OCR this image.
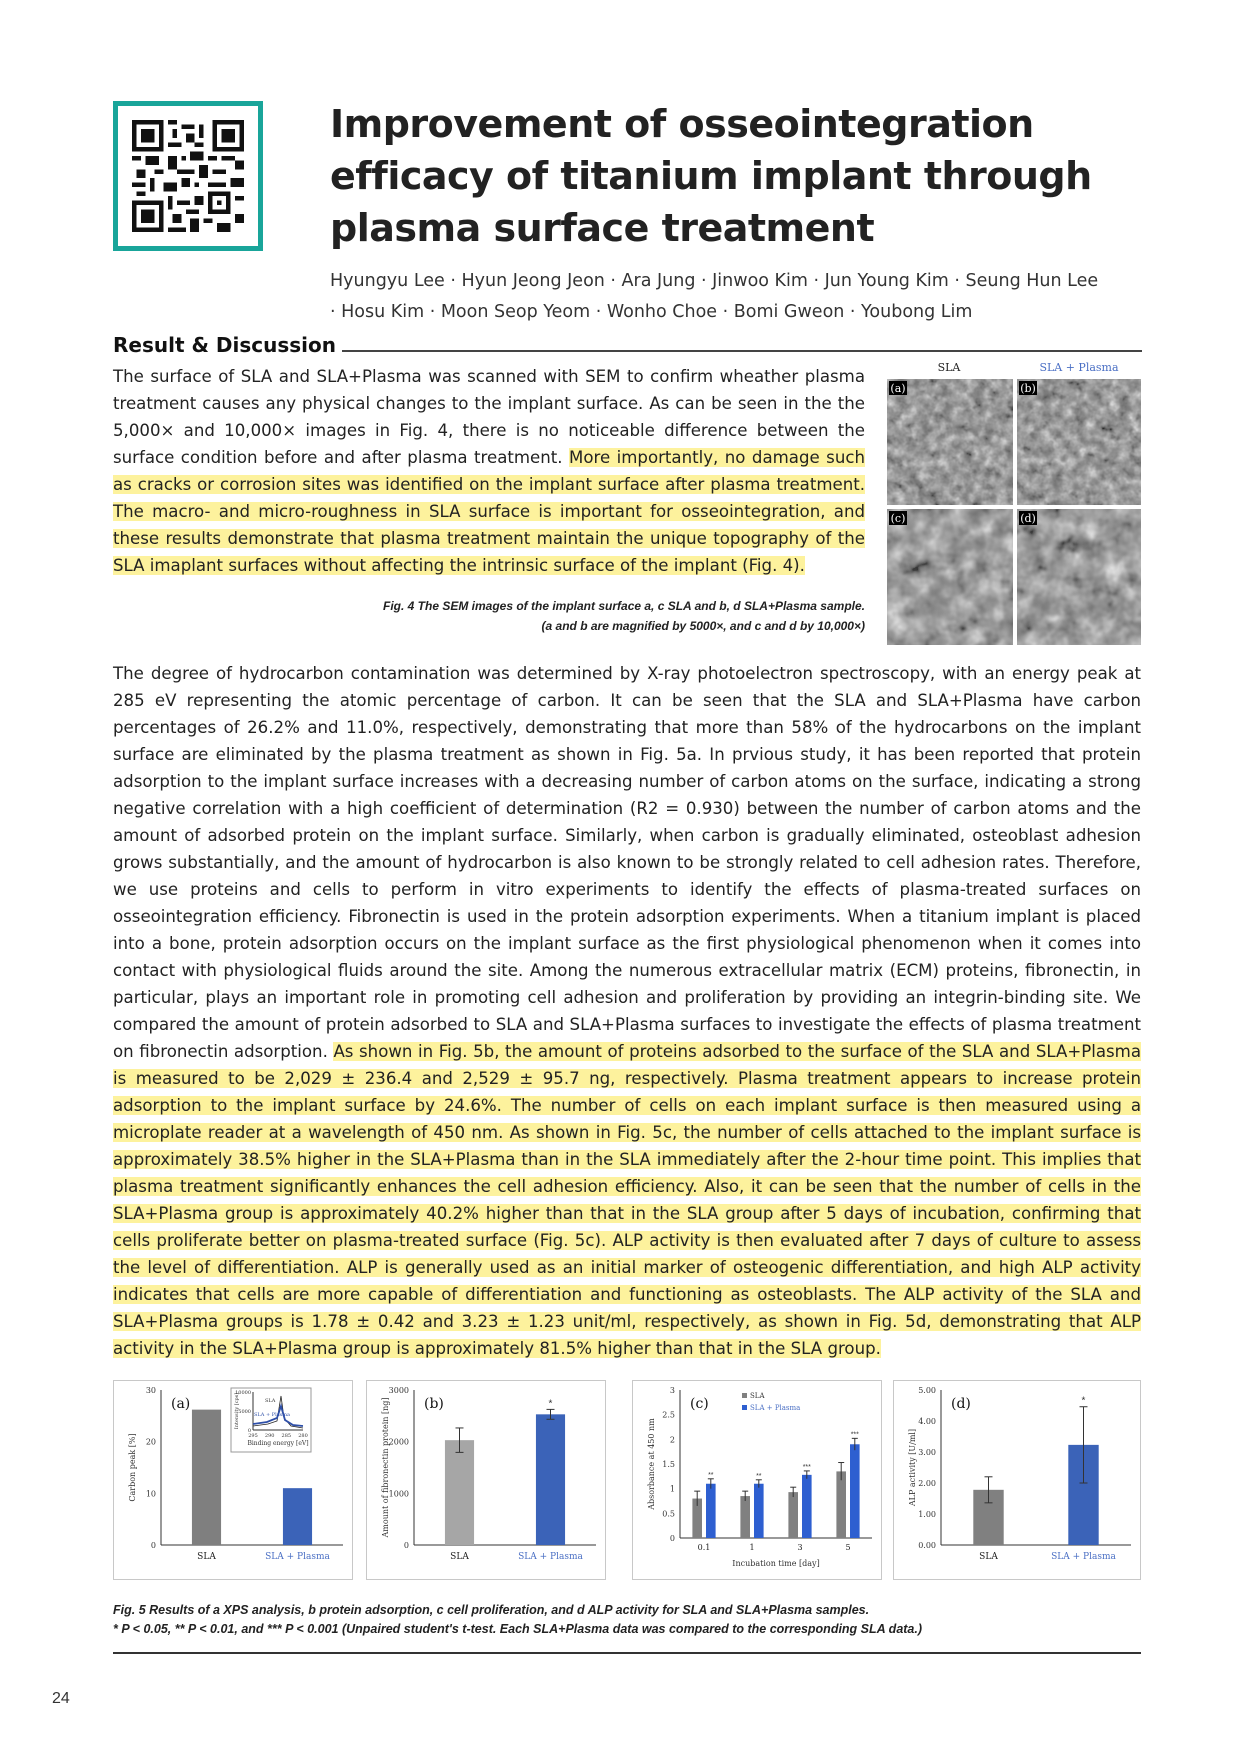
Improvement of osseointegration efficacy of titanium implant through plasma surface treatment
Hyungyu Lee · Hyun Jeong Jeon · Ara Jung · Jinwoo Kim · Jun Young Kim · Seung Hun Lee
· Hosu Kim · Moon Seop Yeom · Wonho Choe · Bomi Gweon · Youbong Lim
Result & Discussion
The surface of SLA and SLA+Plasma was scanned with SEM to confirm wheather plasma treatment causes any physical changes to the implant surface. As can be seen in the the 5,000× and 10,000× images in Fig. 4, there is no noticeable difference between the surface condition before and after plasma treatment. More importantly, no damage such as cracks or corrosion sites was identified on the implant surface after plasma treatment. The macro- and micro-roughness in SLA surface is important for osseointegration, and these results demonstrate that plasma treatment maintain the unique topography of the SLA imaplant surfaces without affecting the intrinsic surface of the implant (Fig. 4).
SLA	SLA + Plasma
(a)	(b)
(c)	(d)
Fig. 4 The SEM images of the implant surface a, c SLA and b, d SLA+Plasma sample.
(a and b are magnified by 5000×, and c and d by 10,000×)
The degree of hydrocarbon contamination was determined by X-ray photoelectron spectroscopy, with an energy peak at 285 eV representing the atomic percentage of carbon. It can be seen that the SLA and SLA+Plasma have carbon percentages of 26.2% and 11.0%, respectively, demonstrating that more than 58% of the hydrocarbons on the implant surface are eliminated by the plasma treatment as shown in Fig. 5a. In prvious study, it has been reported that protein adsorption to the implant surface increases with a decreasing number of carbon atoms on the surface, indicating a strong negative correlation with a high coefficient of determination (R2 = 0.930) between the number of carbon atoms and the amount of adsorbed protein on the implant surface. Similarly, when carbon is gradually eliminated, osteoblast adhesion grows substantially, and the amount of hydrocarbon is also known to be strongly related to cell adhesion rates. Therefore, we use proteins and cells to perform in vitro experiments to identify the effects of plasma-treated surfaces on osseointegration efficiency. Fibronectin is used in the protein adsorption experiments. When a titanium implant is placed into a bone, protein adsorption occurs on the implant surface as the first physiological phenomenon when it comes into contact with physiological fluids around the site. Among the numerous extracellular matrix (ECM) proteins, fibronectin, in particular, plays an important role in promoting cell adhesion and proliferation by providing an integrin-binding site. We compared the amount of protein adsorbed to SLA and SLA+Plasma surfaces to investigate the effects of plasma treatment on fibronectin adsorption. As shown in Fig. 5b, the amount of proteins adsorbed to the surface of the SLA and SLA+Plasma is measured to be 2,029 ± 236.4 and 2,529 ± 95.7 ng, respectively. Plasma treatment appears to increase protein adsorption to the implant surface by 24.6%. The number of cells on each implant surface is then measured using a microplate reader at a wavelength of 450 nm. As shown in Fig. 5c, the number of cells attached to the implant surface is approximately 38.5% higher in the SLA+Plasma than in the SLA immediately after the 2-hour time point. This implies that plasma treatment significantly enhances the cell adhesion efficiency. Also, it can be seen that the number of cells in the SLA+Plasma group is approximately 40.2% higher than that in the SLA group after 5 days of incubation, confirming that cells proliferate better on plasma-treated surface (Fig. 5c). ALP activity is then evaluated after 7 days of culture to assess the level of differentiation. ALP is generally used as an initial marker of osteogenic differentiation, and high ALP activity indicates that cells are more capable of differentiation and functioning as osteoblasts. The ALP activity of the SLA and SLA+Plasma groups is 1.78 ± 0.42 and 3.23 ± 1.23 unit/ml, respectively, as shown in Fig. 5d, demonstrating that ALP activity in the SLA+Plasma group is approximately 81.5% higher than that in the SLA group.
0
10
20
30
(a)
Carbon peak [%]
SLA	SLA + Plasma
0
5000
10000
295 290 285 280
Binding energy [eV]
Intensity [cps]	SLA
SLA + Plasma
0
1000
2000
3000
(b)
Amount of fibronectin protein [ng]
SLA
*
SLA + Plasma
0
0.5
1
1.5
2
2.5
3
(c)
Absorbance at 450 nm	**
0.1
**
1
***
3
***
5
Incubation time [day]
SLA
SLA + Plasma
0.00
1.00
2.00
3.00
4.00
5.00
(d)
ALP activity [U/ml]
SLA
*
SLA + Plasma
Fig. 5 Results of a XPS analysis, b protein adsorption, c cell proliferation, and d ALP activity for SLA and SLA+Plasma samples.
* P < 0.05, ** P < 0.01, and *** P < 0.001 (Unpaired student's t-test. Each SLA+Plasma data was compared to the corresponding SLA data.)
24
